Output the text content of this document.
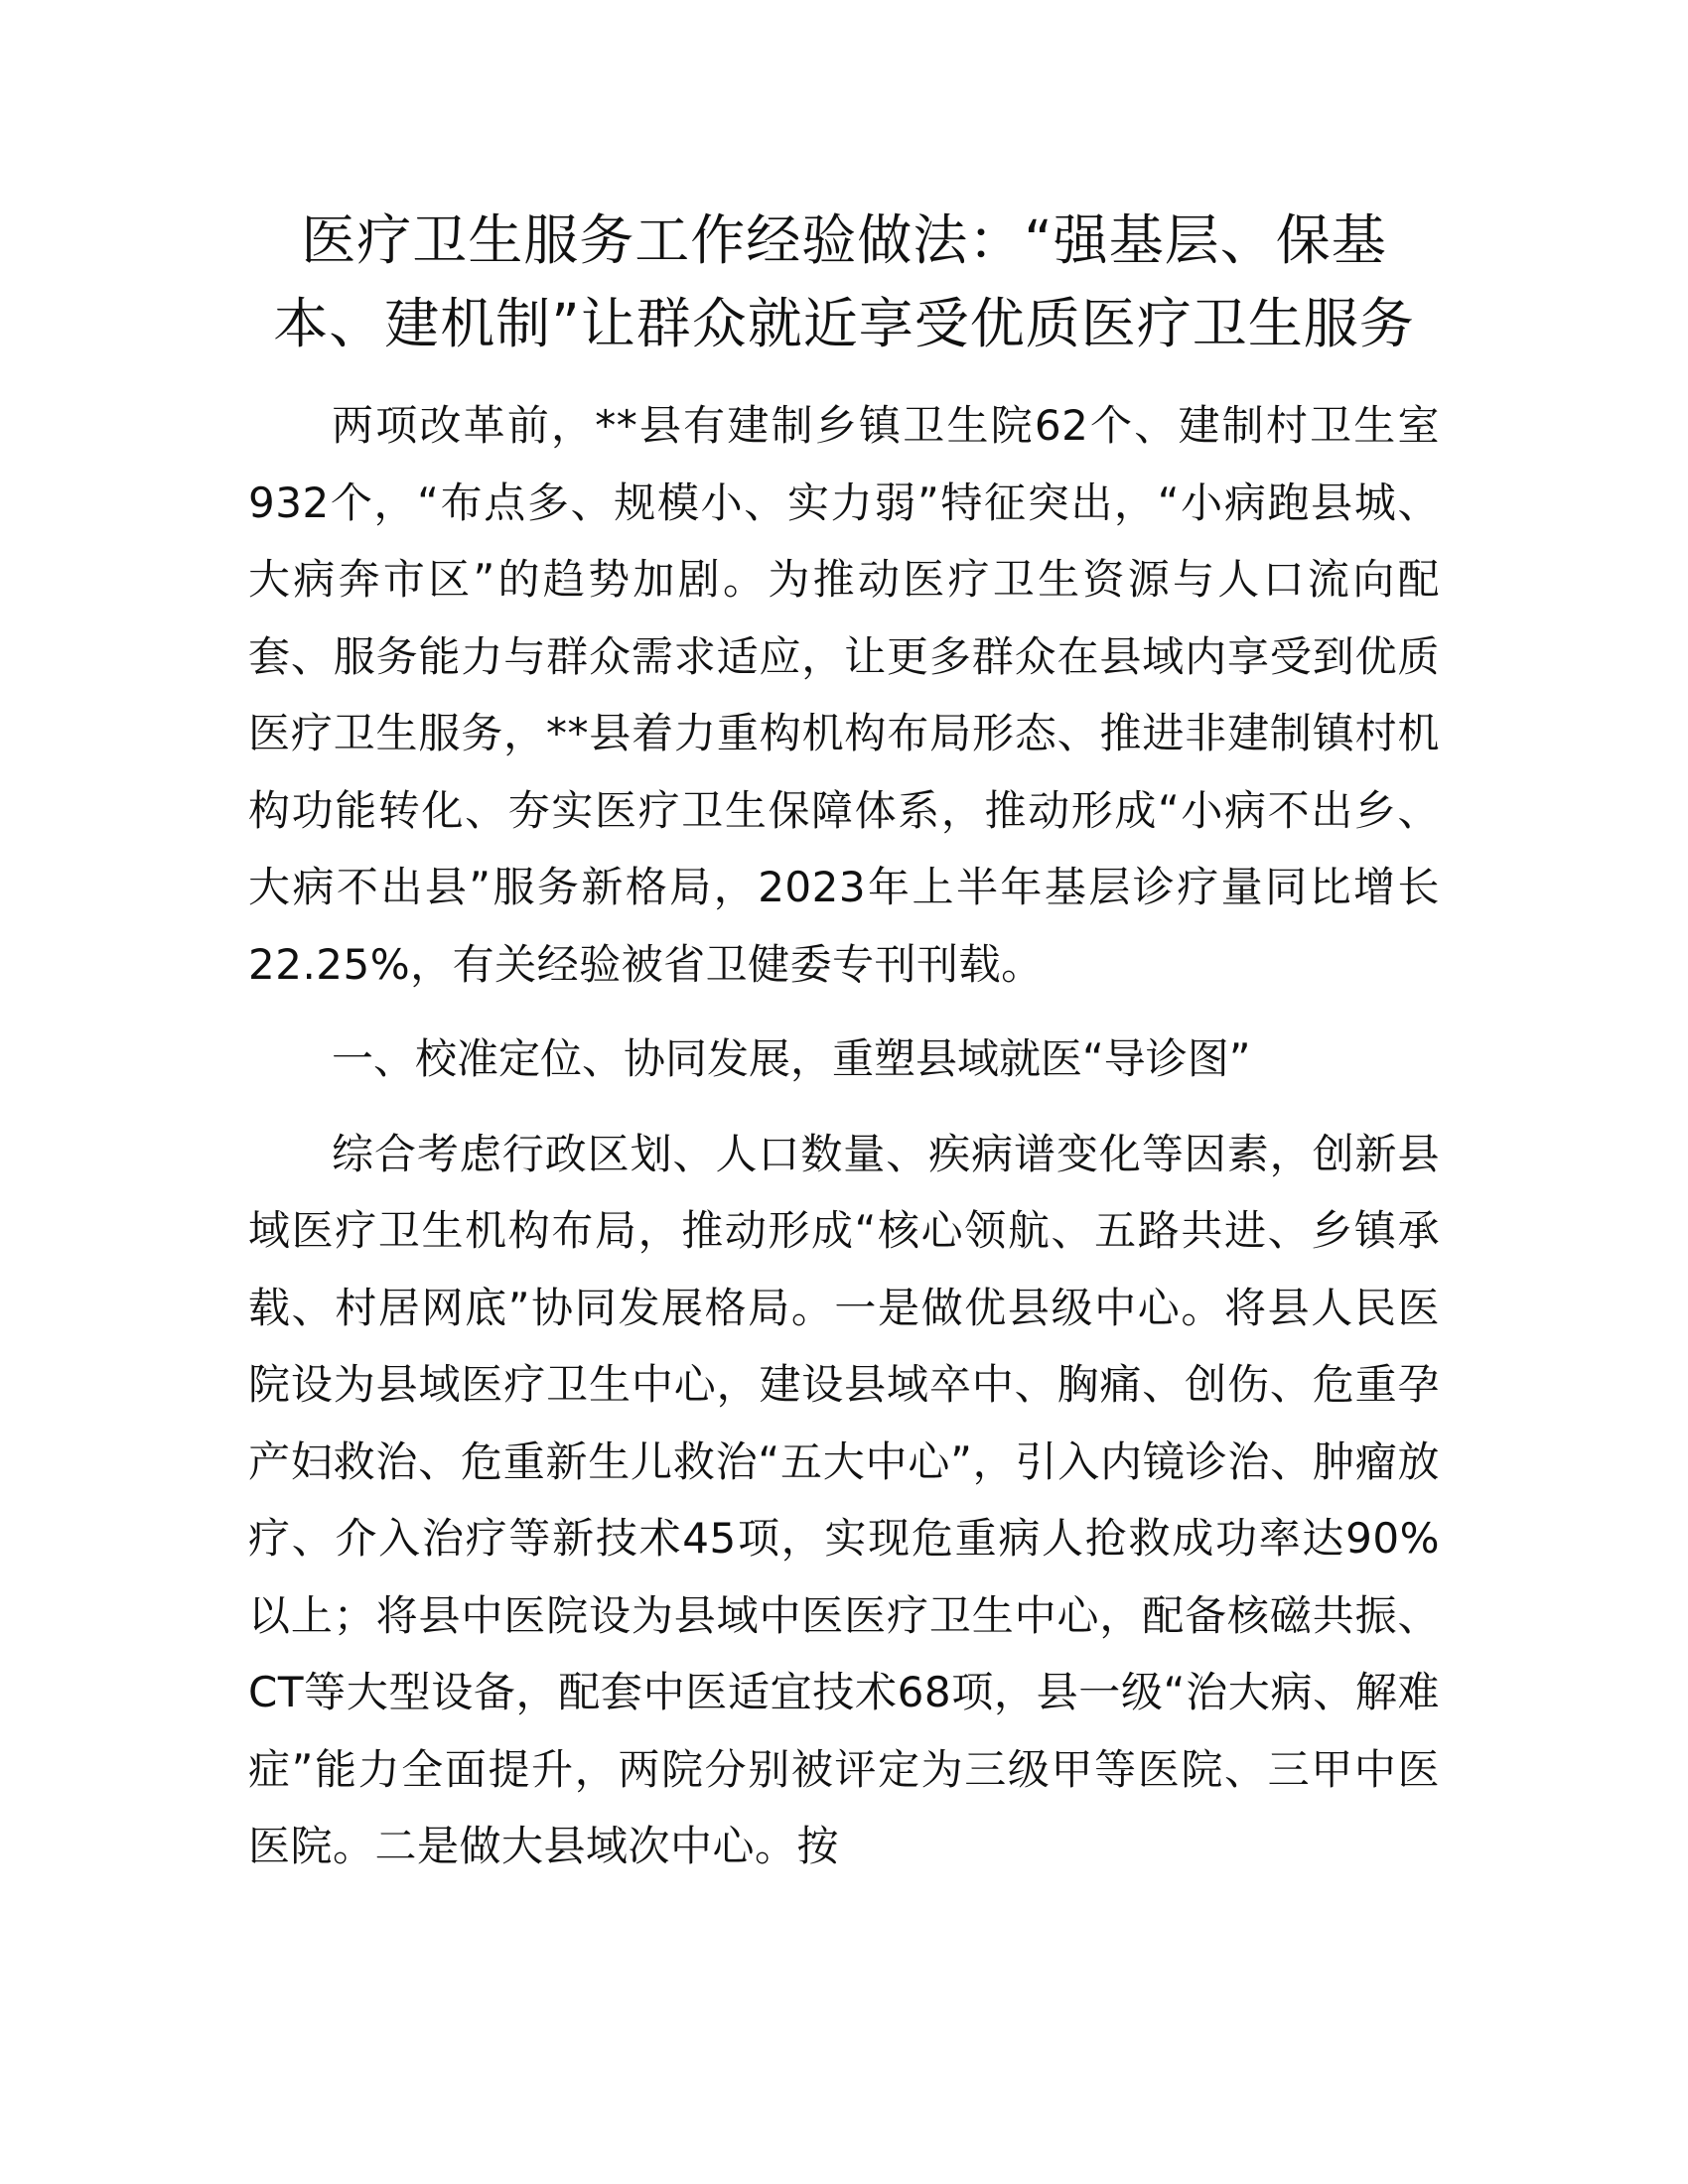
医疗卫生服务工作经验做法：“强基层、保基本、建机制”让群众就近享受优质医疗卫生服务

两项改革前，**县有建制乡镇卫生院62个、建制村卫生室932个，“布点多、规模小、实力弱”特征突出，“小病跑县城、大病奔市区”的趋势加剧。为推动医疗卫生资源与人口流向配套、服务能力与群众需求适应，让更多群众在县域内享受到优质医疗卫生服务，**县着力重构机构布局形态、推进非建制镇村机构功能转化、夯实医疗卫生保障体系，推动形成“小病不出乡、大病不出县”服务新格局，2023年上半年基层诊疗量同比增长22.25%，有关经验被省卫健委专刊刊载。

一、校准定位、协同发展，重塑县域就医“导诊图”

综合考虑行政区划、人口数量、疾病谱变化等因素，创新县域医疗卫生机构布局，推动形成“核心领航、五路共进、乡镇承载、村居网底”协同发展格局。一是做优县级中心。将县人民医院设为县域医疗卫生中心，建设县域卒中、胸痛、创伤、危重孕产妇救治、危重新生儿救治“五大中心”，引入内镜诊治、肿瘤放疗、介入治疗等新技术45项，实现危重病人抢救成功率达90%以上；将县中医院设为县域中医医疗卫生中心，配备核磁共振、CT等大型设备，配套中医适宜技术68项，县一级“治大病、解难症”能力全面提升，两院分别被评定为三级甲等医院、三甲中医医院。二是做大县域次中心。按
